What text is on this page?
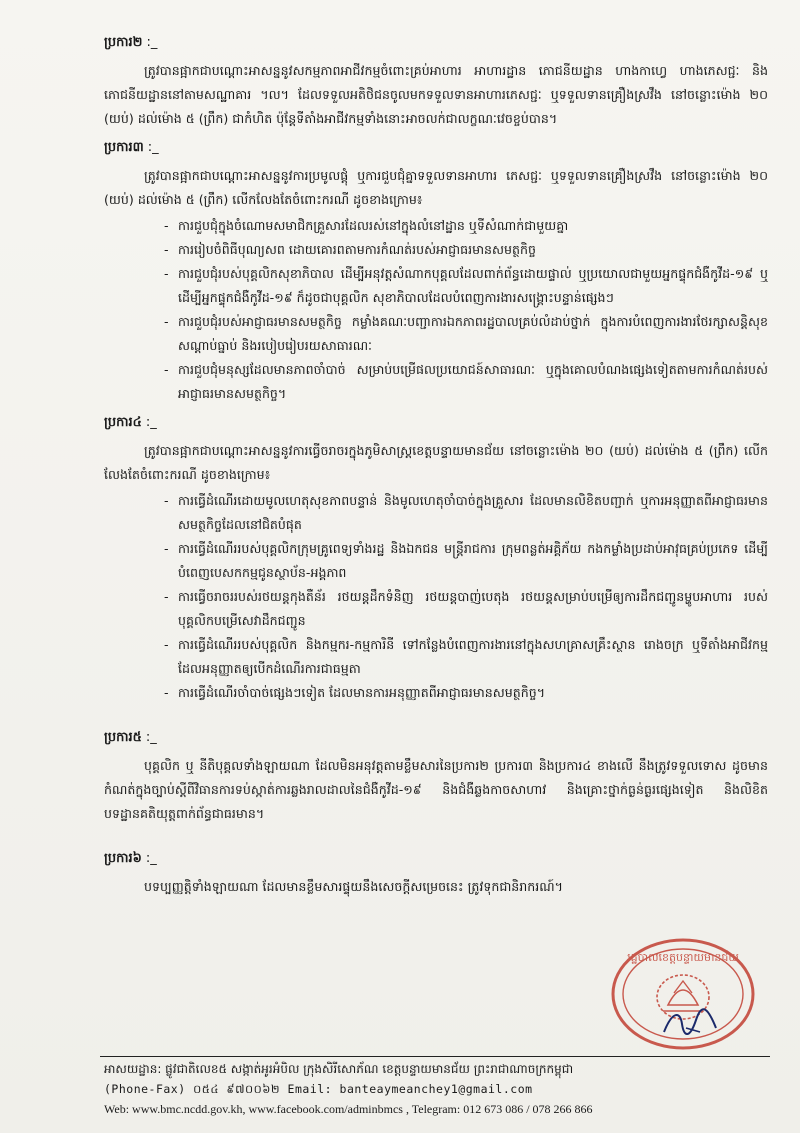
ប្រការ២ :_

ត្រូវបានផ្អាកជាបណ្ដោះអាសន្ននូវសកម្មភាពអាជីវកម្មចំពោះគ្រប់អាហារ អាហារដ្ឋាន ភោជនីយដ្ឋាន ហាងកាហ្វេ ហាងភេសជ្ជៈ និងភោជនីយដ្ឋាននៅតាមសណ្ឋាគារ ។ល។ ដែលទទួលអតិថិជនចូលមកទទួលទានអាហារភេសជ្ជៈ ឬទទួលទានគ្រឿងស្រវឹង នៅចន្លោះម៉ោង ២០ (យប់) ដល់ម៉ោង ៥ (ព្រឹក) ជាកំហិត ប៉ុន្តែទីតាំងអាជីវកម្មទាំងនោះអាចលក់ជាលក្ខណៈវេចខ្ចប់បាន។

ប្រការ៣ :_

ត្រូវបានផ្អាកជាបណ្ដោះអាសន្ននូវការប្រមូលផ្ដុំ ឬការជួបជុំគ្នាទទួលទានអាហារ ភេសជ្ជៈ ឬទទួលទានគ្រឿងស្រវឹង នៅចន្លោះម៉ោង ២០ (យប់) ដល់ម៉ោង ៥ (ព្រឹក) លើកលែងតែចំពោះករណី ដូចខាងក្រោម៖

- ការជួបជុំក្នុងចំណោមសមាជិកគ្រួសារដែលរស់នៅក្នុងលំនៅដ្ឋាន ឬទីសំណាក់ជាមួយគ្នា
- ការរៀបចំពិធីបុណ្យសព ដោយគោរពតាមការកំណត់របស់អាជ្ញាធរមានសមត្ថកិច្ច
- ការជួបជុំរបស់បុគ្គលិកសុខាភិបាល ដើម្បីអនុវត្តសំណាកបុគ្គលដែលពាក់ព័ន្ធដោយផ្ទាល់ ឬប្រយោលជាមួយអ្នកផ្ទុកជំងឺកូវីដ-១៩ ឬដើម្បីអ្នកផ្ទុកជំងឺកូវីដ-១៩ ក៏ដូចជាបុគ្គលិក សុខាភិបាលដែលបំពេញការងារសង្គ្រោះបន្ទាន់ផ្សេងៗ
- ការជួបជុំរបស់អាជ្ញាធរមានសមត្ថកិច្ច កម្លាំងគណៈបញ្ជាការឯកភាពរដ្ឋបាលគ្រប់លំដាប់ថ្នាក់ ក្នុងការបំពេញការងារថែរក្សាសន្តិសុខ សណ្ដាប់ធ្នាប់ និងរបៀបរៀបរយសាធារណៈ
- ការជួបជុំមនុស្សដែលមានភាពចាំបាច់ សម្រាប់បម្រើផលប្រយោជន៍សាធារណៈ ឬក្នុងគោលបំណងផ្សេងទៀតតាមការកំណត់របស់អាជ្ញាធរមានសមត្ថកិច្ច។
ប្រការ៤ :_

ត្រូវបានផ្អាកជាបណ្ដោះអាសន្ននូវការធ្វើចរាចរក្នុងភូមិសាស្ត្រខេត្តបន្ទាយមានជ័យ នៅចន្លោះម៉ោង ២០ (យប់) ដល់ម៉ោង ៥ (ព្រឹក) លើកលែងតែចំពោះករណី ដូចខាងក្រោម៖

- ការធ្វើដំណើរដោយមូលហេតុសុខភាពបន្ទាន់ និងមូលហេតុចាំបាច់ក្នុងគ្រួសារ ដែលមានលិខិតបញ្ជាក់ ឬការអនុញ្ញាតពីអាជ្ញាធរមានសមត្ថកិច្ចដែលនៅជិតបំផុត
- ការធ្វើដំណើររបស់បុគ្គលិកក្រុមគ្រូពេទ្យទាំងរដ្ឋ និងឯកជន មន្ត្រីរាជការ ក្រុមពន្លត់អគ្គិភ័យ កងកម្លាំងប្រដាប់អាវុធគ្រប់ប្រភេទ ដើម្បីបំពេញបេសកកម្មជូនស្ថាប័ន-អង្គភាព
- ការធ្វើចរាចររបស់រថយន្តកុងតឺន័រ រថយន្តដឹកទំនិញ រថយន្តបាញ់បេតុង រថយន្តសម្រាប់បម្រើឲ្យការដឹកជញ្ជូនម្ហូបអាហារ របស់បុគ្គលិកបម្រើសេវាដឹកជញ្ជូន
- ការធ្វើដំណើររបស់បុគ្គលិក និងកម្មករ-កម្មការិនី ទៅកន្លែងបំពេញការងារនៅក្នុងសហគ្រាសគ្រឹះស្ថាន រោងចក្រ ឬទីតាំងអាជីវកម្ម ដែលអនុញ្ញាតឲ្យបើកដំណើរការជាធម្មតា
- ការធ្វើដំណើរចាំបាច់ផ្សេងៗទៀត ដែលមានការអនុញ្ញាតពីអាជ្ញាធរមានសមត្ថកិច្ច។
ប្រការ៥ :_

បុគ្គលិក ឬ នីតិបុគ្គលទាំងឡាយណា ដែលមិនអនុវត្តតាមខ្លឹមសារនៃប្រការ២ ប្រការ៣ និងប្រការ៤ ខាងលើ នឹងត្រូវទទួលទោស ដូចមានកំណត់ក្នុងច្បាប់ស្ដីពីវិធានការទប់ស្កាត់ការឆ្លងរាលដាលនៃជំងឺកូវីដ-១៩ និងជំងឺឆ្លងកាចសាហាវ និងគ្រោះថ្នាក់ធ្ងន់ធ្ងរផ្សេងទៀត និងលិខិតបទដ្ឋានគតិយុត្តពាក់ព័ន្ធជាធរមាន។

ប្រការ៦ :_

បទប្បញ្ញត្តិទាំងឡាយណា ដែលមានខ្លឹមសារផ្ទុយនឹងសេចក្ដីសម្រេចនេះ ត្រូវទុកជានិរាករណ៍។

រដ្ឋបាលខេត្តបន្ទាយមានជ័យ
អាសយដ្ឋាន: ផ្លូវជាតិលេខ៥ សង្កាត់អូរអំបិល ក្រុងសិរីសោភ័ណ ខេត្តបន្ទាយមានជ័យ ព្រះរាជាណាចក្រកម្ពុជា
(Phone-Fax) ០៥៤ ៩៧០០៦២ Email: banteaymeanchey1@gmail.com
Web: www.bmc.ncdd.gov.kh, www.facebook.com/adminbmcs , Telegram: 012 673 086 / 078 266 866
